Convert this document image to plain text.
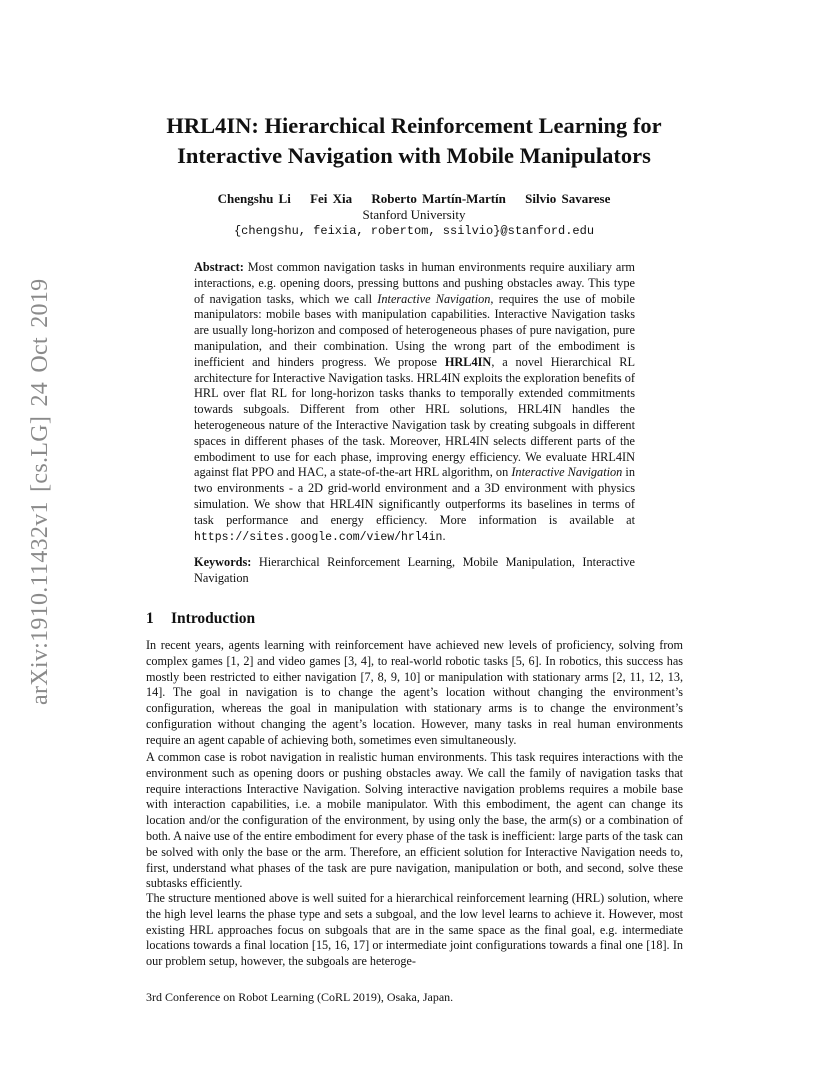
arXiv:1910.11432v1 [cs.LG] 24 Oct 2019
HRL4IN: Hierarchical Reinforcement Learning for
Interactive Navigation with Mobile Manipulators
Chengshu Li Fei Xia Roberto Martín-Martín Silvio Savarese
Stanford University
{chengshu, feixia, robertom, ssilvio}@stanford.edu
Abstract: Most common navigation tasks in human environments require auxiliary arm interactions, e.g. opening doors, pressing buttons and pushing obstacles away. This type of navigation tasks, which we call Interactive Navigation, requires the use of mobile manipulators: mobile bases with manipulation capabilities. Interactive Navigation tasks are usually long-horizon and composed of heterogeneous phases of pure navigation, pure manipulation, and their combination. Using the wrong part of the embodiment is inefficient and hinders progress. We propose HRL4IN, a novel Hierarchical RL architecture for Interactive Navigation tasks. HRL4IN exploits the exploration benefits of HRL over flat RL for long-horizon tasks thanks to temporally extended commitments towards subgoals. Different from other HRL solutions, HRL4IN handles the heterogeneous nature of the Interactive Navigation task by creating subgoals in different spaces in different phases of the task. Moreover, HRL4IN selects different parts of the embodiment to use for each phase, improving energy efficiency. We evaluate HRL4IN against flat PPO and HAC, a state-of-the-art HRL algorithm, on Interactive Navigation in two environments - a 2D grid-world environment and a 3D environment with physics simulation. We show that HRL4IN significantly outperforms its baselines in terms of task performance and energy efficiency. More information is available at https://sites.google.com/view/hrl4in.
Keywords: Hierarchical Reinforcement Learning, Mobile Manipulation, Interactive Navigation
1 Introduction
In recent years, agents learning with reinforcement have achieved new levels of proficiency, solving from complex games [1, 2] and video games [3, 4], to real-world robotic tasks [5, 6]. In robotics, this success has mostly been restricted to either navigation [7, 8, 9, 10] or manipulation with stationary arms [2, 11, 12, 13, 14]. The goal in navigation is to change the agent’s location without changing the environment’s configuration, whereas the goal in manipulation with stationary arms is to change the environment’s configuration without changing the agent’s location. However, many tasks in real human environments require an agent capable of achieving both, sometimes even simultaneously.
A common case is robot navigation in realistic human environments. This task requires interactions with the environment such as opening doors or pushing obstacles away. We call the family of navigation tasks that require interactions Interactive Navigation. Solving interactive navigation problems requires a mobile base with interaction capabilities, i.e. a mobile manipulator. With this embodiment, the agent can change its location and/or the configuration of the environment, by using only the base, the arm(s) or a combination of both. A naive use of the entire embodiment for every phase of the task is inefficient: large parts of the task can be solved with only the base or the arm. Therefore, an efficient solution for Interactive Navigation needs to, first, understand what phases of the task are pure navigation, manipulation or both, and second, solve these subtasks efficiently.
The structure mentioned above is well suited for a hierarchical reinforcement learning (HRL) solution, where the high level learns the phase type and sets a subgoal, and the low level learns to achieve it. However, most existing HRL approaches focus on subgoals that are in the same space as the final goal, e.g. intermediate locations towards a final location [15, 16, 17] or intermediate joint configurations towards a final one [18]. In our problem setup, however, the subgoals are heteroge-
3rd Conference on Robot Learning (CoRL 2019), Osaka, Japan.
